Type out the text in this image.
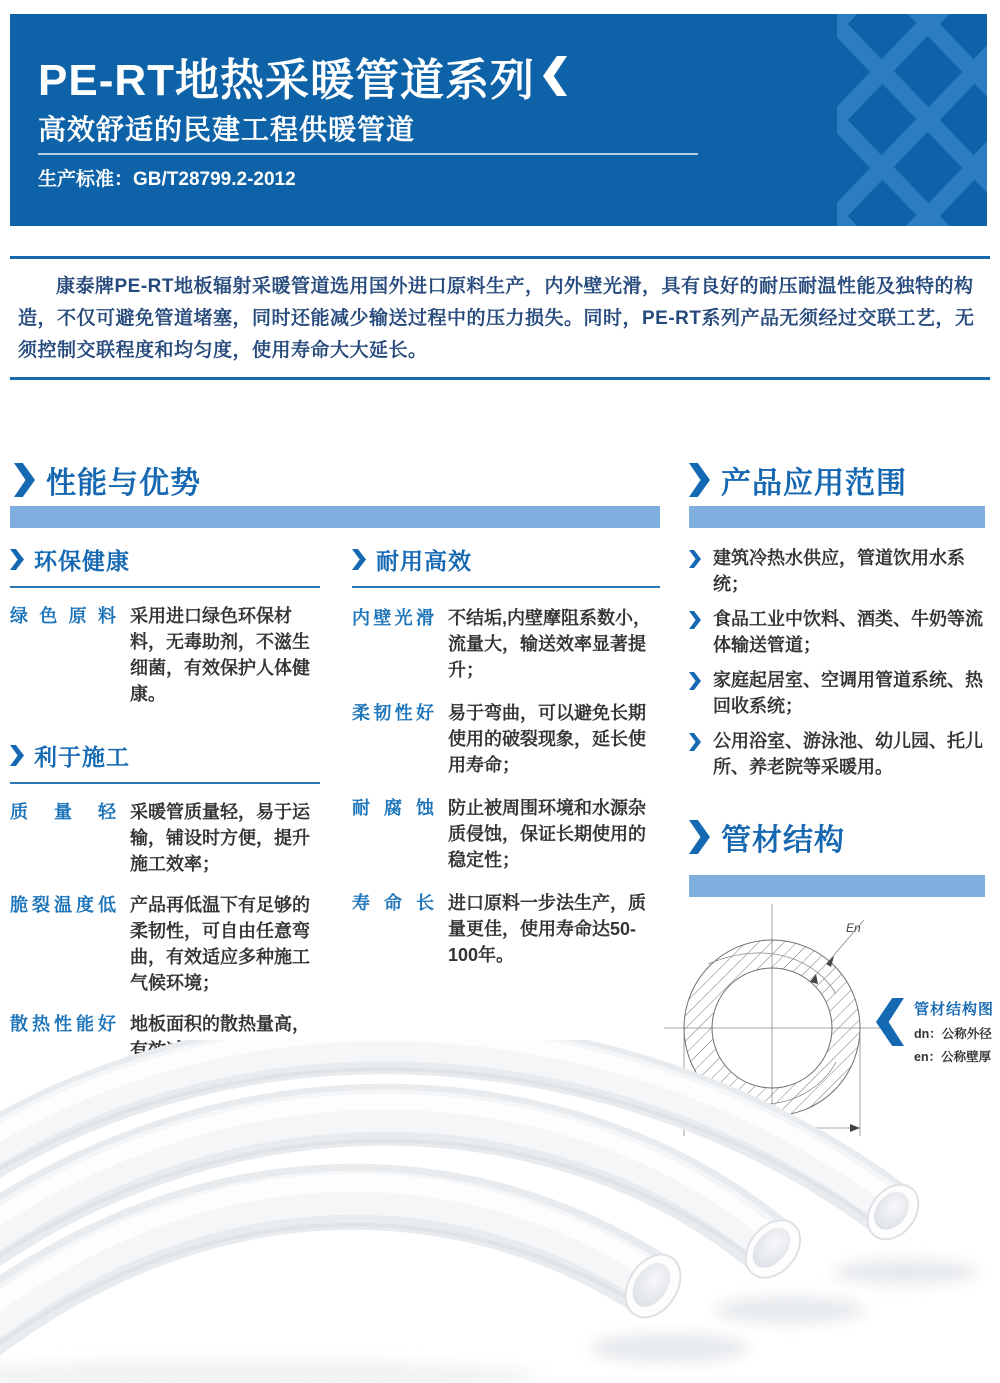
PE-RT地热采暖管道系列
高效舒适的民建工程供暖管道
生产标准：GB/T28799.2-2012

康泰牌PE-RT地板辐射采暖管道选用国外进口原料生产，内外壁光滑，具有良好的耐压耐温性能及独特的构造，不仅可避免管道堵塞，同时还能减少输送过程中的压力损失。同时，PE-RT系列产品无须经过交联工艺，无须控制交联程度和均匀度，使用寿命大大延长。

性能与优势	产品应用范围
环保健康
绿色原料 采用进口绿色环保材料，无毒助剂，不滋生细菌，有效保护人体健康。
利于施工
质量轻 采暖管质量轻，易于运输，铺设时方便，提升施工效率；
脆裂温度低 产品再低温下有足够的柔韧性，可自由任意弯曲，有效适应多种施工气候环境；
散热性能好 地板面积的散热量高，有效减少盘管长度，降低工程造价。
耐用高效
内壁光滑 不结垢,内壁摩阻系数小，流量大，输送效率显著提升；
柔韧性好 易于弯曲，可以避免长期使用的破裂现象，延长使用寿命；
耐腐蚀 防止被周围环境和水源杂质侵蚀，保证长期使用的稳定性；
寿命长 进口原料一步法生产，质量更佳，使用寿命达50-100年。
建筑冷热水供应，管道饮用水系统；
食品工业中饮料、酒类、牛奶等流体输送管道；
家庭起居室、空调用管道系统、热回收系统；
公用浴室、游泳池、幼儿园、托儿所、养老院等采暖用。
管材结构
En
dn
管材结构图
dn：公称外径
en：公称壁厚
